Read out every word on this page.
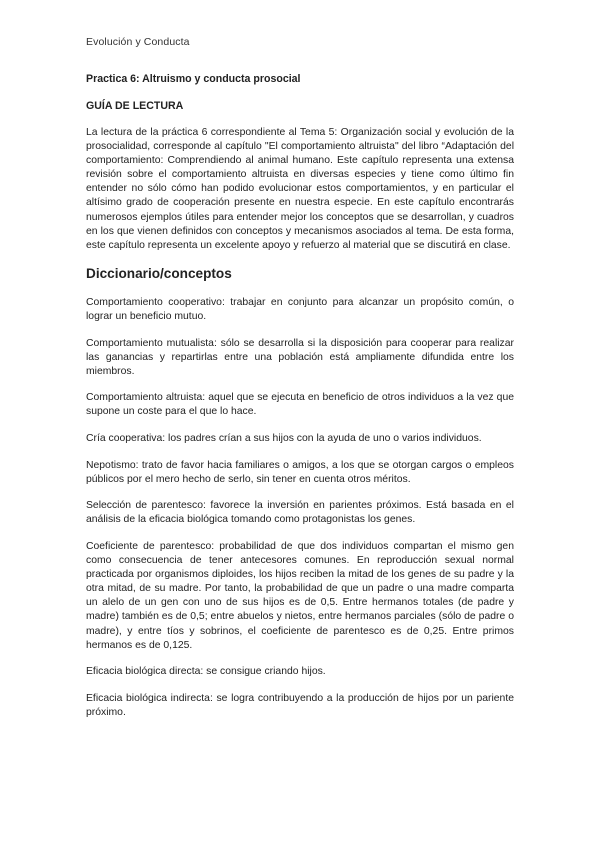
Evolución y Conducta

Practica 6: Altruismo y conducta prosocial

GUÍA DE LECTURA

La lectura de la práctica 6 correspondiente al Tema 5: Organización social y evolución de la prosocialidad, corresponde al capítulo "El comportamiento altruista" del libro “Adaptación del comportamiento: Comprendiendo al animal humano. Este capítulo representa una extensa revisión sobre el comportamiento altruista en diversas especies y tiene como último fin entender no sólo cómo han podido evolucionar estos comportamientos, y en particular el altísimo grado de cooperación presente en nuestra especie. En este capítulo encontrarás numerosos ejemplos útiles para entender mejor los conceptos que se desarrollan, y cuadros en los que vienen definidos con conceptos y mecanismos asociados al tema. De esta forma, este capítulo representa un excelente apoyo y refuerzo al material que se discutirá en clase.

Diccionario/conceptos

Comportamiento cooperativo: trabajar en conjunto para alcanzar un propósito común, o lograr un beneficio mutuo.

Comportamiento mutualista: sólo se desarrolla si la disposición para cooperar para realizar las ganancias y repartirlas entre una población está ampliamente difundida entre los miembros.

Comportamiento altruista: aquel que se ejecuta en beneficio de otros individuos a la vez que supone un coste para el que lo hace.

Cría cooperativa: los padres crían a sus hijos con la ayuda de uno o varios individuos.

Nepotismo: trato de favor hacia familiares o amigos, a los que se otorgan cargos o empleos públicos por el mero hecho de serlo, sin tener en cuenta otros méritos.

Selección de parentesco: favorece la inversión en parientes próximos. Está basada en el análisis de la eficacia biológica tomando como protagonistas los genes.

Coeficiente de parentesco: probabilidad de que dos individuos compartan el mismo gen como consecuencia de tener antecesores comunes. En reproducción sexual normal practicada por organismos diploides, los hijos reciben la mitad de los genes de su padre y la otra mitad, de su madre. Por tanto, la probabilidad de que un padre o una madre comparta un alelo de un gen con uno de sus hijos es de 0,5. Entre hermanos totales (de padre y madre) también es de 0,5; entre abuelos y nietos, entre hermanos parciales (sólo de padre o madre), y entre tíos y sobrinos, el coeficiente de parentesco es de 0,25. Entre primos hermanos es de 0,125.

Eficacia biológica directa: se consigue criando hijos.

Eficacia biológica indirecta: se logra contribuyendo a la producción de hijos por un pariente próximo.
